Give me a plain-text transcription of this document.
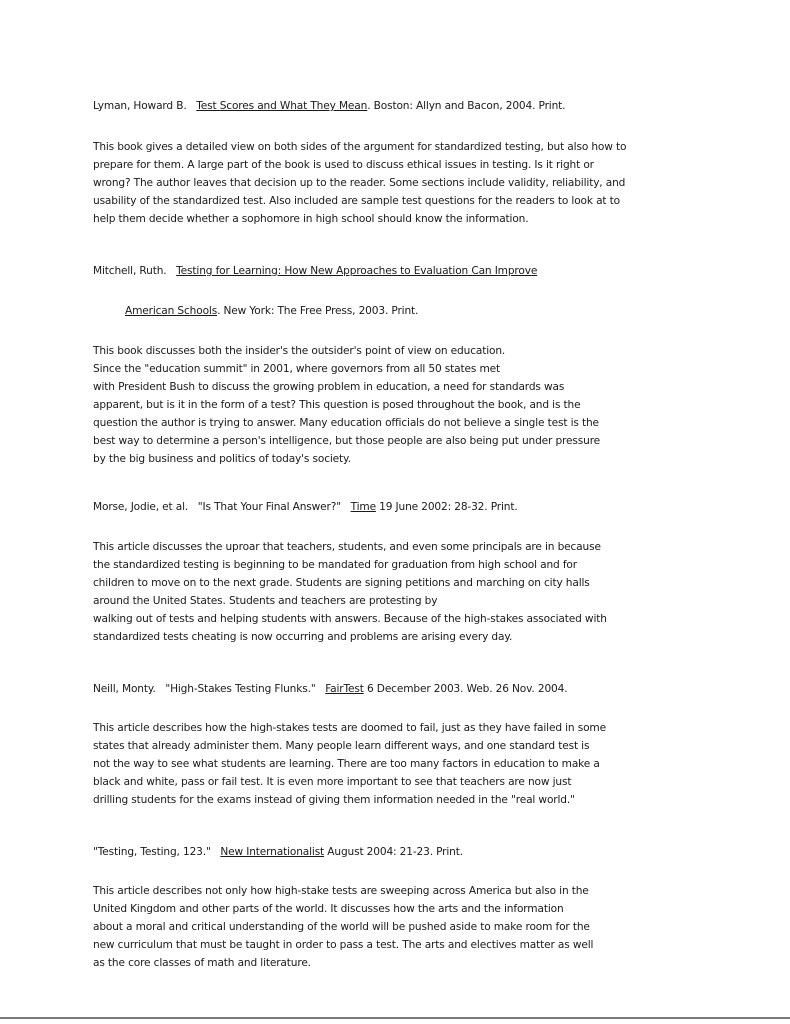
Lyman, Howard B. Test Scores and What They Mean. Boston: Allyn and Bacon, 2004. Print.
This book gives a detailed view on both sides of the argument for standardized testing, but also how to
prepare for them. A large part of the book is used to discuss ethical issues in testing. Is it right or
wrong? The author leaves that decision up to the reader. Some sections include validity, reliability, and
usability of the standardized test. Also included are sample test questions for the readers to look at to
help them decide whether a sophomore in high school should know the information.
Mitchell, Ruth. Testing for Learning: How New Approaches to Evaluation Can Improve
American Schools. New York: The Free Press, 2003. Print.
This book discusses both the insider's the outsider's point of view on education.
Since the "education summit" in 2001, where governors from all 50 states met
with President Bush to discuss the growing problem in education, a need for standards was
apparent, but is it in the form of a test? This question is posed throughout the book, and is the
question the author is trying to answer. Many education officials do not believe a single test is the
best way to determine a person's intelligence, but those people are also being put under pressure
by the big business and politics of today's society.
Morse, Jodie, et al. "Is That Your Final Answer?" Time 19 June 2002: 28-32. Print.
This article discusses the uproar that teachers, students, and even some principals are in because
the standardized testing is beginning to be mandated for graduation from high school and for
children to move on to the next grade. Students are signing petitions and marching on city halls
around the United States. Students and teachers are protesting by
walking out of tests and helping students with answers. Because of the high-stakes associated with
standardized tests cheating is now occurring and problems are arising every day.
Neill, Monty. "High-Stakes Testing Flunks." FairTest 6 December 2003. Web. 26 Nov. 2004.
This article describes how the high-stakes tests are doomed to fail, just as they have failed in some
states that already administer them. Many people learn different ways, and one standard test is
not the way to see what students are learning. There are too many factors in education to make a
black and white, pass or fail test. It is even more important to see that teachers are now just
drilling students for the exams instead of giving them information needed in the "real world."
"Testing, Testing, 123." New Internationalist August 2004: 21-23. Print.
This article describes not only how high-stake tests are sweeping across America but also in the
United Kingdom and other parts of the world. It discusses how the arts and the information
about a moral and critical understanding of the world will be pushed aside to make room for the
new curriculum that must be taught in order to pass a test. The arts and electives matter as well
as the core classes of math and literature.
